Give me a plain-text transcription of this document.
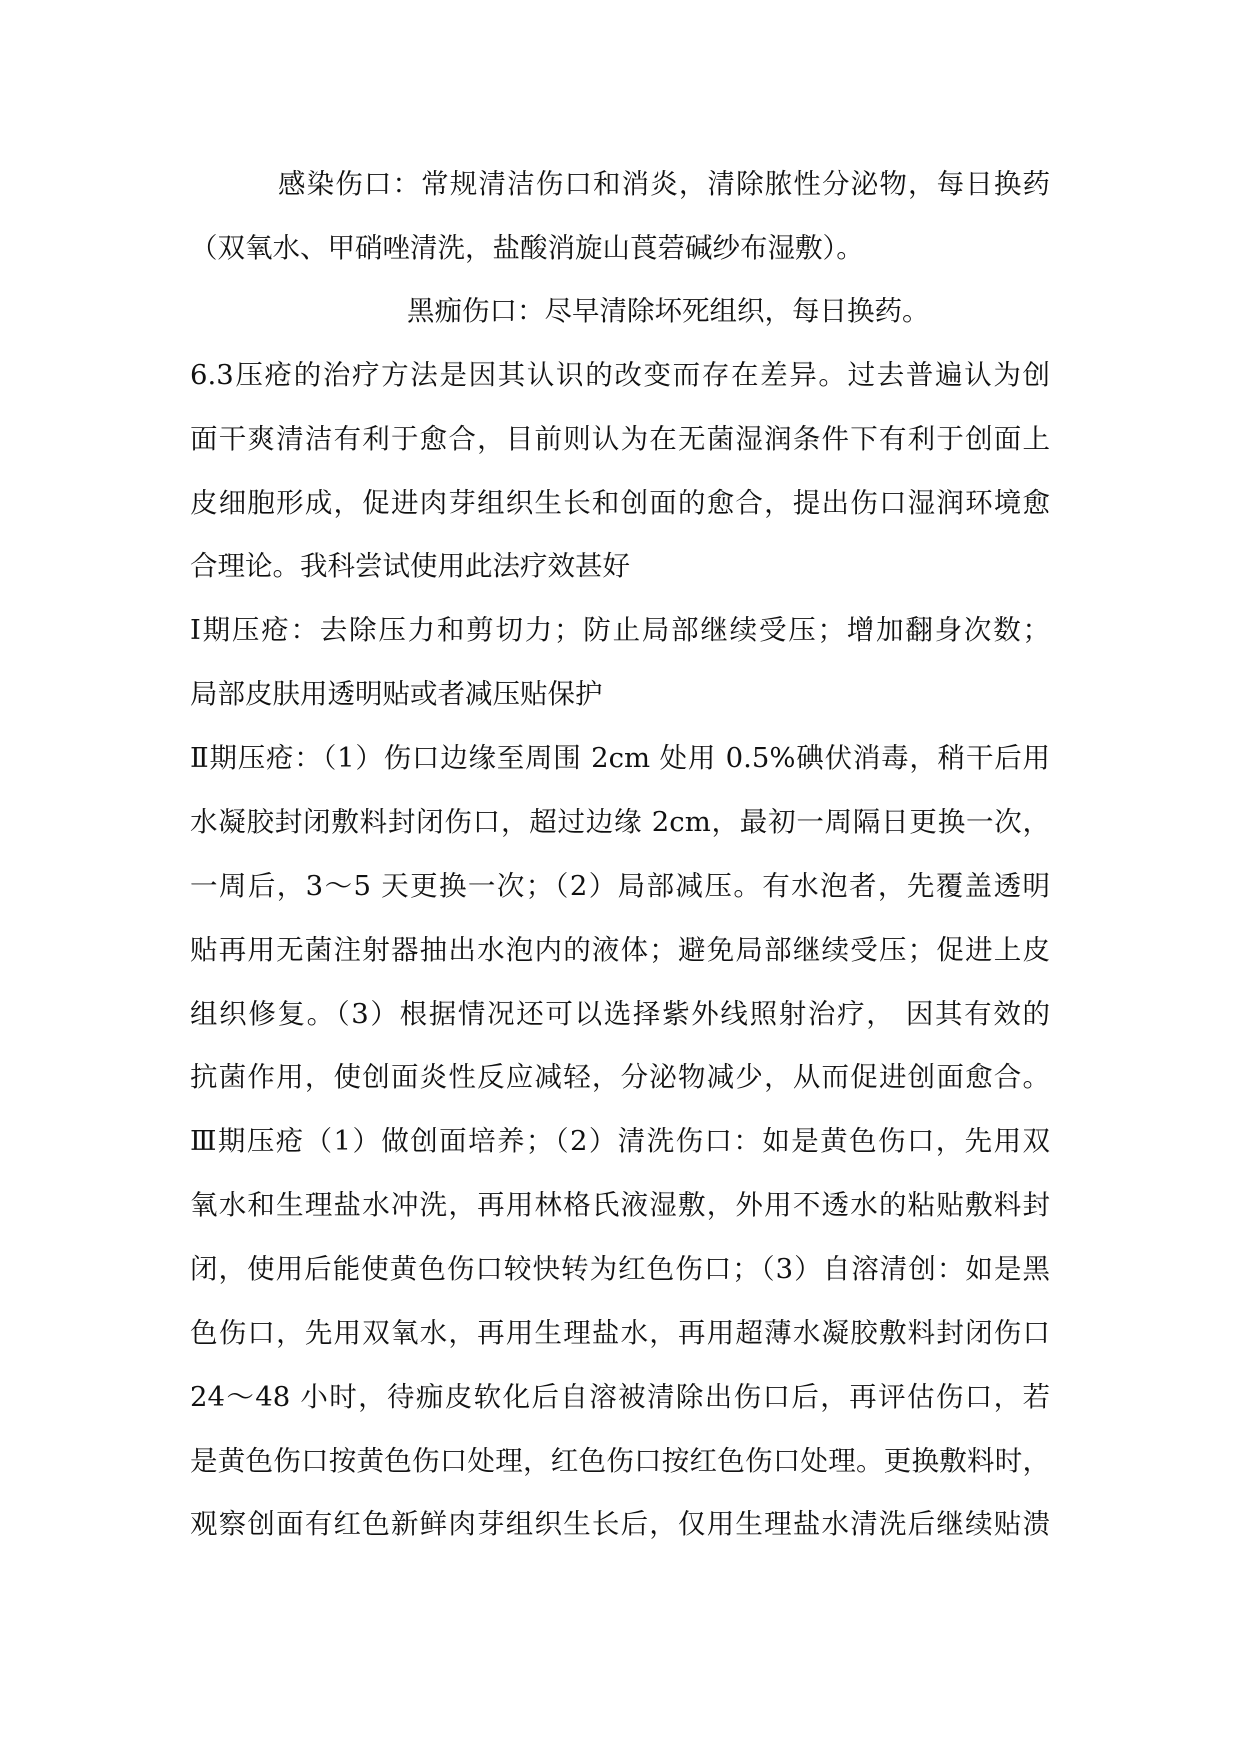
感染伤口：常规清洁伤口和消炎，清除脓性分泌物，每日换药
（双氧水、甲硝唑清洗，盐酸消旋山莨菪碱纱布湿敷）。
黑痂伤口：尽早清除坏死组织，每日换药。
6.3压疮的治疗方法是因其认识的改变而存在差异。过去普遍认为创
面干爽清洁有利于愈合，目前则认为在无菌湿润条件下有利于创面上
皮细胞形成，促进肉芽组织生长和创面的愈合，提出伤口湿润环境愈
合理论。我科尝试使用此法疗效甚好
Ⅰ期压疮：去除压力和剪切力；防止局部继续受压；增加翻身次数；
局部皮肤用透明贴或者减压贴保护
Ⅱ期压疮：（1）伤口边缘至周围 2cm 处用 0.5%碘伏消毒，稍干后用
水凝胶封闭敷料封闭伤口，超过边缘 2cm，最初一周隔日更换一次，
一周后，3～5 天更换一次；（2）局部减压。有水泡者，先覆盖透明
贴再用无菌注射器抽出水泡内的液体；避免局部继续受压；促进上皮
组织修复。（3）根据情况还可以选择紫外线照射治疗， 因其有效的
抗菌作用，使创面炎性反应减轻，分泌物减少，从而促进创面愈合。
Ⅲ期压疮（1）做创面培养；（2）清洗伤口：如是黄色伤口，先用双
氧水和生理盐水冲洗，再用林格氏液湿敷，外用不透水的粘贴敷料封
闭，使用后能使黄色伤口较快转为红色伤口；（3）自溶清创：如是黑
色伤口，先用双氧水，再用生理盐水，再用超薄水凝胶敷料封闭伤口
24～48 小时，待痂皮软化后自溶被清除出伤口后，再评估伤口，若
是黄色伤口按黄色伤口处理，红色伤口按红色伤口处理。更换敷料时，
观察创面有红色新鲜肉芽组织生长后，仅用生理盐水清洗后继续贴溃
